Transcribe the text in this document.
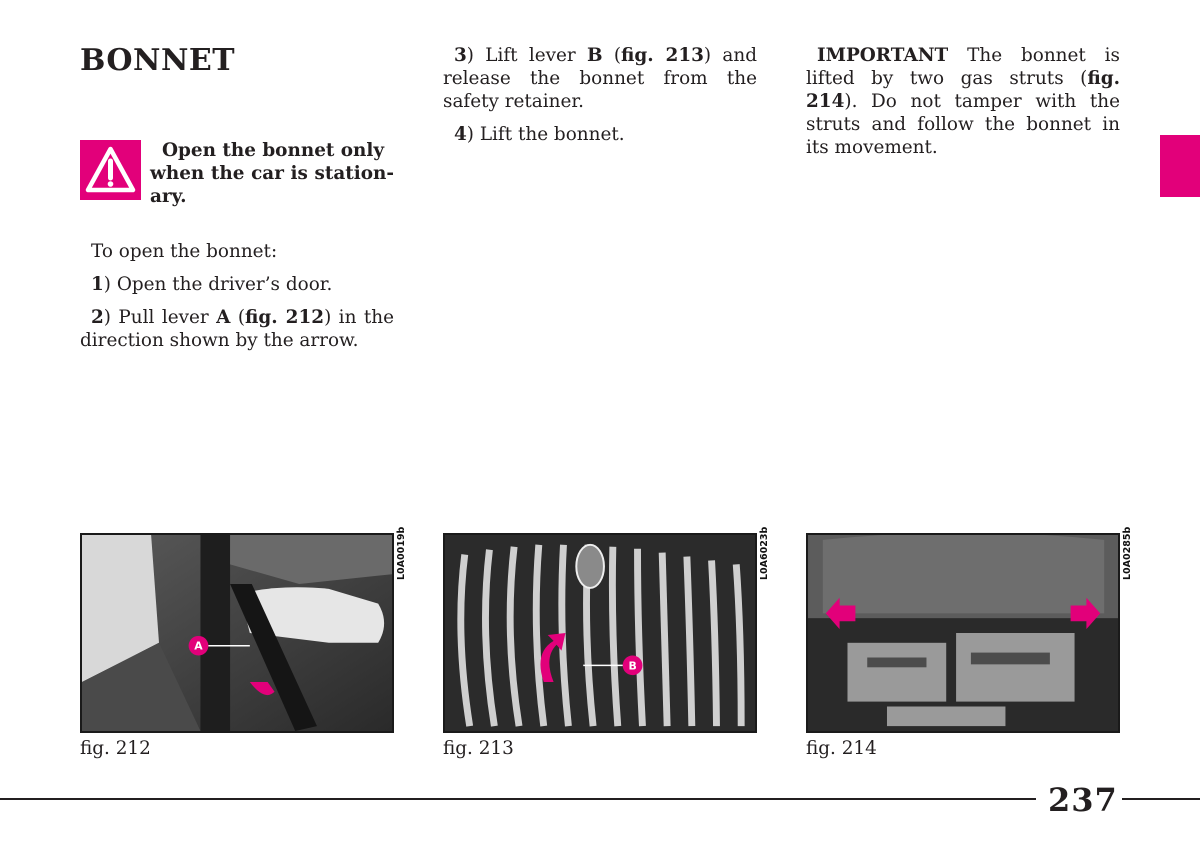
BONNET
Open the bonnet only
when the car is station-ary.

To open the bonnet:

1) Open the driver’s door.

2) Pull lever A (fig. 212) in the direction shown by the arrow.

3) Lift lever B (fig. 213) and release the bonnet from the safety retainer.

4) Lift the bonnet.

IMPORTANT The bonnet is lifted by two gas struts (fig. 214). Do not tamper with the struts and follow the bonnet in its movement.

A
L0A0019b
fig. 212
B
L0A6023b
fig. 213
L0A0285b
fig. 214
237
